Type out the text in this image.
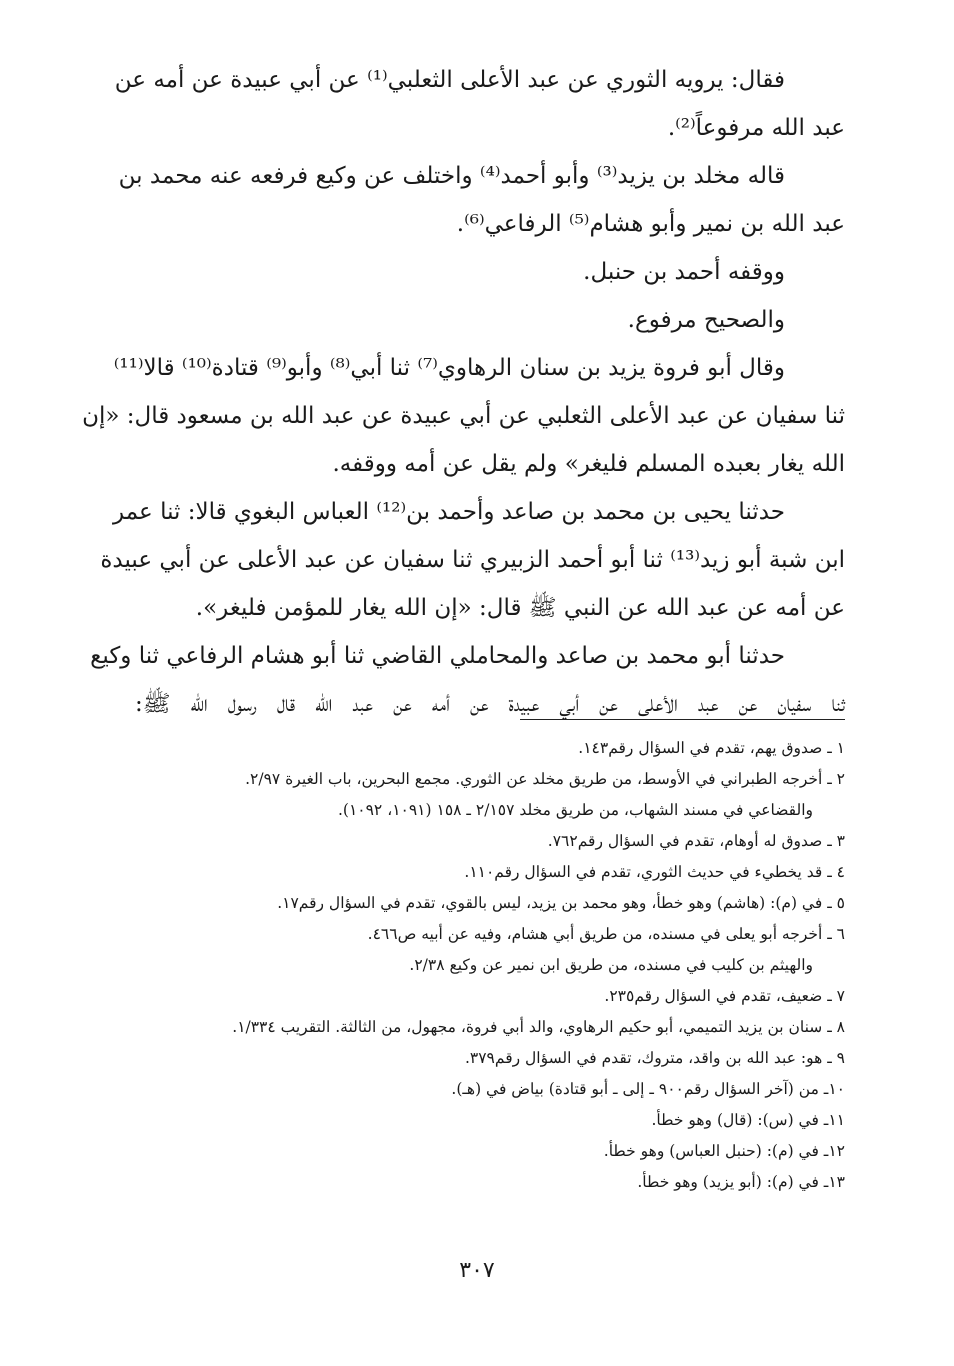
فقال: يرويه الثوري عن عبد الأعلى الثعلبي⁽¹⁾ عن أبي عبيدة عن أمه عن
عبد الله مرفوعاً⁽²⁾.
قاله مخلد بن يزيد⁽³⁾ وأبو أحمد⁽⁴⁾ واختلف عن وكيع فرفعه عنه محمد بن
عبد الله بن نمير وأبو هشام⁽⁵⁾ الرفاعي⁽⁶⁾.
ووقفه أحمد بن حنبل.
والصحيح مرفوع.
وقال أبو فروة يزيد بن سنان الرهاوي⁽⁷⁾ ثنا أبي⁽⁸⁾ وأبو⁽⁹⁾ قتادة⁽¹⁰⁾ قالا⁽¹¹⁾
ثنا سفيان عن عبد الأعلى الثعلبي عن أبي عبيدة عن عبد الله بن مسعود قال: «إن
الله يغار بعبده المسلم فليغر» ولم يقل عن أمه ووقفه.
حدثنا يحيى بن محمد بن صاعد وأحمد بن⁽¹²⁾ العباس البغوي قالا: ثنا عمر
ابن شبة أبو زيد⁽¹³⁾ ثنا أبو أحمد الزبيري ثنا سفيان عن عبد الأعلى عن أبي عبيدة
عن أمه عن عبد الله عن النبي ﷺ قال: «إن الله يغار للمؤمن فليغر».
حدثنا أبو محمد بن صاعد والمحاملي القاضي ثنا أبو هشام الرفاعي ثنا وكيع
ثنا سفيان عن عبد الأعلى عن أبي عبيدة عن أمه عن عبد الله قال رسول الله ﷺ:
١ ـ صدوق يهم، تقدم في السؤال رقم١٤٣.
٢ ـ أخرجه الطبراني في الأوسط، من طريق مخلد عن الثوري. مجمع البحرين، باب الغيرة ٢/٩٧.
والقضاعي في مسند الشهاب، من طريق مخلد ٢/١٥٧ ـ ١٥٨ (١٠٩١، ١٠٩٢).
٣ ـ صدوق له أوهام، تقدم في السؤال رقم٧٦٢.
٤ ـ قد يخطيء في حديث الثوري، تقدم في السؤال رقم١١٠.
٥ ـ في (م): (هاشم) وهو خطأ، وهو محمد بن يزيد، ليس بالقوي، تقدم في السؤال رقم١٧.
٦ ـ أخرجه أبو يعلى في مسنده، من طريق أبي هشام، وفيه عن أبيه ص٤٦٦.
والهيثم بن كليب في مسنده، من طريق ابن نمير عن وكيع ٢/٣٨.
٧ ـ ضعيف، تقدم في السؤال رقم٢٣٥.
٨ ـ سنان بن يزيد التميمي، أبو حكيم الرهاوي، والد أبي فروة، مجهول، من الثالثة. التقريب ١/٣٣٤.
٩ ـ هو: عبد الله بن واقد، متروك، تقدم في السؤال رقم٣٧٩.
١٠ـ من (آخر السؤال رقم٩٠٠ ـ إلى ـ أبو قتادة) بياض في (هـ).
١١ـ في (س): (قال) وهو خطأ.
١٢ـ في (م): (حنبل العباس) وهو خطأ.
١٣ـ في (م): (أبو يزيد) وهو خطأ.
٣٠٧
